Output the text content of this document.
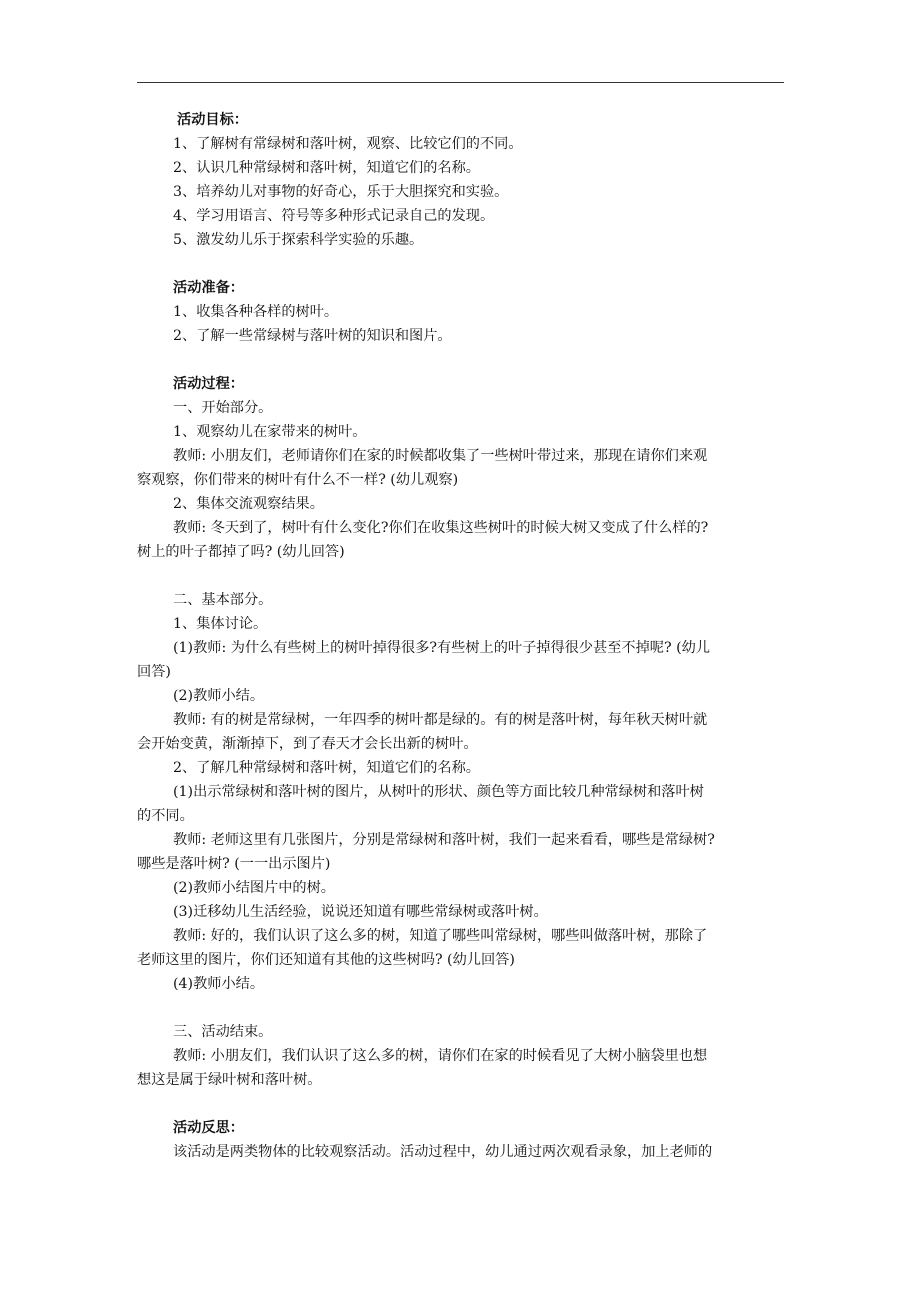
活动目标：
1、了解树有常绿树和落叶树，观察、比较它们的不同。
2、认识几种常绿树和落叶树，知道它们的名称。
3、培养幼儿对事物的好奇心，乐于大胆探究和实验。
4、学习用语言、符号等多种形式记录自己的发现。
5、激发幼儿乐于探索科学实验的乐趣。
活动准备：
1、收集各种各样的树叶。
2、了解一些常绿树与落叶树的知识和图片。
活动过程：
一、开始部分。
1、观察幼儿在家带来的树叶。
教师: 小朋友们，老师请你们在家的时候都收集了一些树叶带过来，那现在请你们来观
察观察，你们带来的树叶有什么不一样? (幼儿观察)
2、集体交流观察结果。
教师: 冬天到了，树叶有什么变化?你们在收集这些树叶的时候大树又变成了什么样的?
树上的叶子都掉了吗? (幼儿回答)
二、基本部分。
1、集体讨论。
(1)教师: 为什么有些树上的树叶掉得很多?有些树上的叶子掉得很少甚至不掉呢? (幼儿
回答)
(2)教师小结。
教师: 有的树是常绿树，一年四季的树叶都是绿的。有的树是落叶树，每年秋天树叶就
会开始变黄，渐渐掉下，到了春天才会长出新的树叶。
2、了解几种常绿树和落叶树，知道它们的名称。
(1)出示常绿树和落叶树的图片，从树叶的形状、颜色等方面比较几种常绿树和落叶树
的不同。
教师: 老师这里有几张图片，分别是常绿树和落叶树，我们一起来看看，哪些是常绿树?
哪些是落叶树? (一一出示图片)
(2)教师小结图片中的树。
(3)迁移幼儿生活经验，说说还知道有哪些常绿树或落叶树。
教师: 好的，我们认识了这么多的树，知道了哪些叫常绿树，哪些叫做落叶树，那除了
老师这里的图片，你们还知道有其他的这些树吗? (幼儿回答)
(4)教师小结。
三、活动结束。
教师: 小朋友们，我们认识了这么多的树，请你们在家的时候看见了大树小脑袋里也想
想这是属于绿叶树和落叶树。
活动反思：
该活动是两类物体的比较观察活动。活动过程中，幼儿通过两次观看录象，加上老师的
